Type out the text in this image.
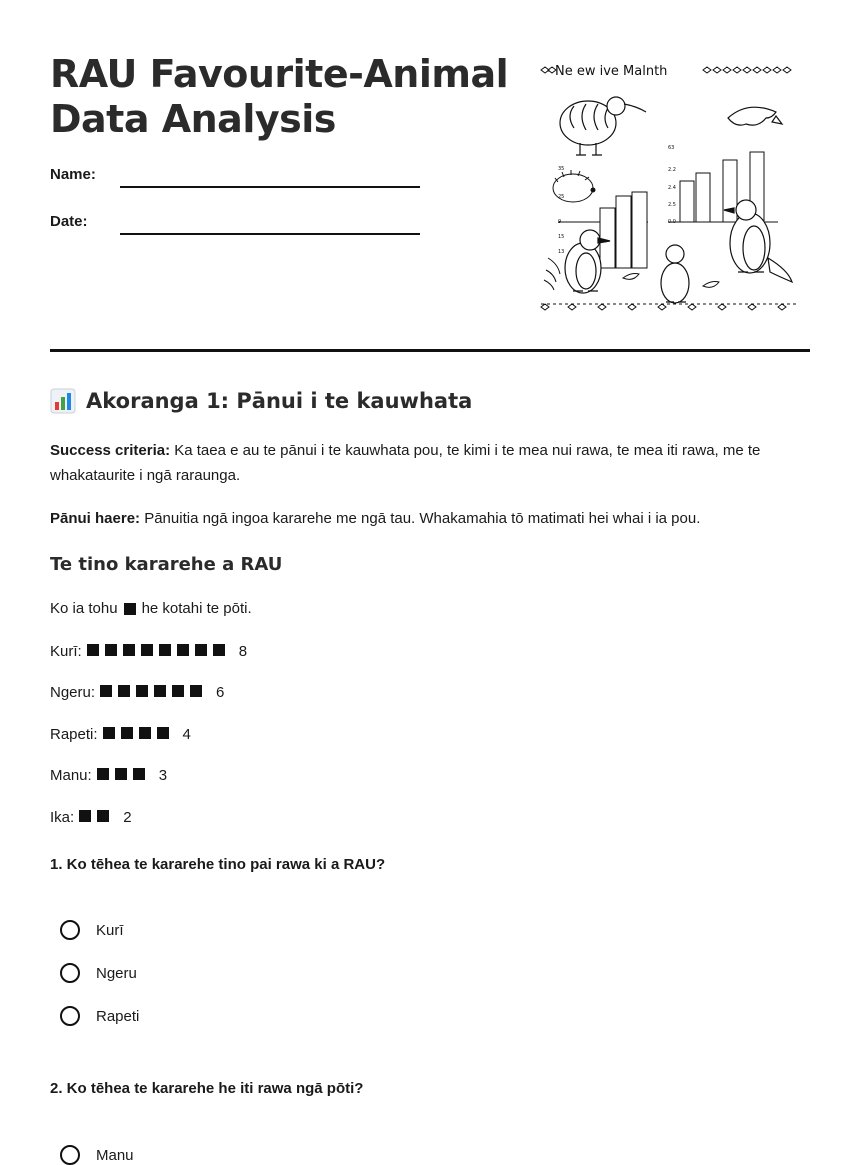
RAU Favourite-Animal
Data Analysis
Name:
Date:
Ne ew ive Malnth
35
25
9
15
13
63
2.2
2.4
2.5
0.0
Akoranga 1: Pānui i te kauwhata

Success criteria: Ka taea e au te pānui i te kauwhata pou, te kimi i te mea nui rawa, te mea iti rawa, me te whakataurite i ngā raraunga.

Pānui haere: Pānuitia ngā ingoa kararehe me ngā tau. Whakamahia tō matimati hei whai i ia pou.

Te tino kararehe a RAU
Ko ia tohu he kotahi te pōti.
Kurī:	8
Ngeru:	6
Rapeti:	4
Manu:	3
Ika:	2

1. Ko tēhea te kararehe tino pai rawa ki a RAU?

Kurī
Ngeru
Rapeti

2. Ko tēhea te kararehe he iti rawa ngā pōti?

Manu
